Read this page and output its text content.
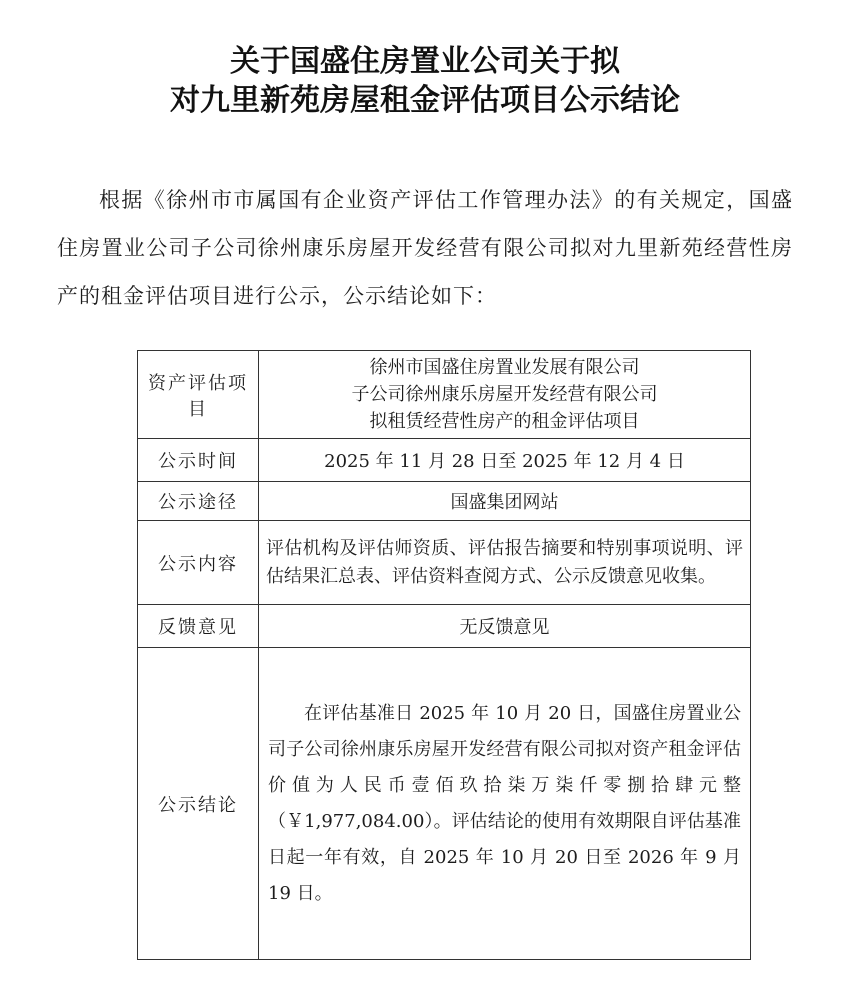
关于国盛住房置业公司关于拟
对九里新苑房屋租金评估项目公示结论

根据《徐州市市属国有企业资产评估工作管理办法》的有关规定，国盛住房置业公司子公司徐州康乐房屋开发经营有限公司拟对九里新苑经营性房产的租金评估项目进行公示，公示结论如下：

资产评估项目	徐州市国盛住房置业发展有限公司
子公司徐州康乐房屋开发经营有限公司
拟租赁经营性房产的租金评估项目

公示时间	2025 年 11 月 28 日至 2025 年 12 月 4 日
公示途径	国盛集团网站
公示内容	评估机构及评估师资质、评估报告摘要和特别事项说明、评估结果汇总表、评估资料查阅方式、公示反馈意见收集。

反馈意见	无反馈意见
公示结论	在评估基准日 2025 年 10 月 20 日，国盛住房置业公司子公司徐州康乐房屋开发经营有限公司拟对资产租金评估价值为人民币壹佰玖拾柒万柒仟零捌拾肆元整（￥1,977,084.00）。评估结论的使用有效期限自评估基准日起一年有效，自 2025 年 10 月 20 日至 2026 年 9 月 19 日。
